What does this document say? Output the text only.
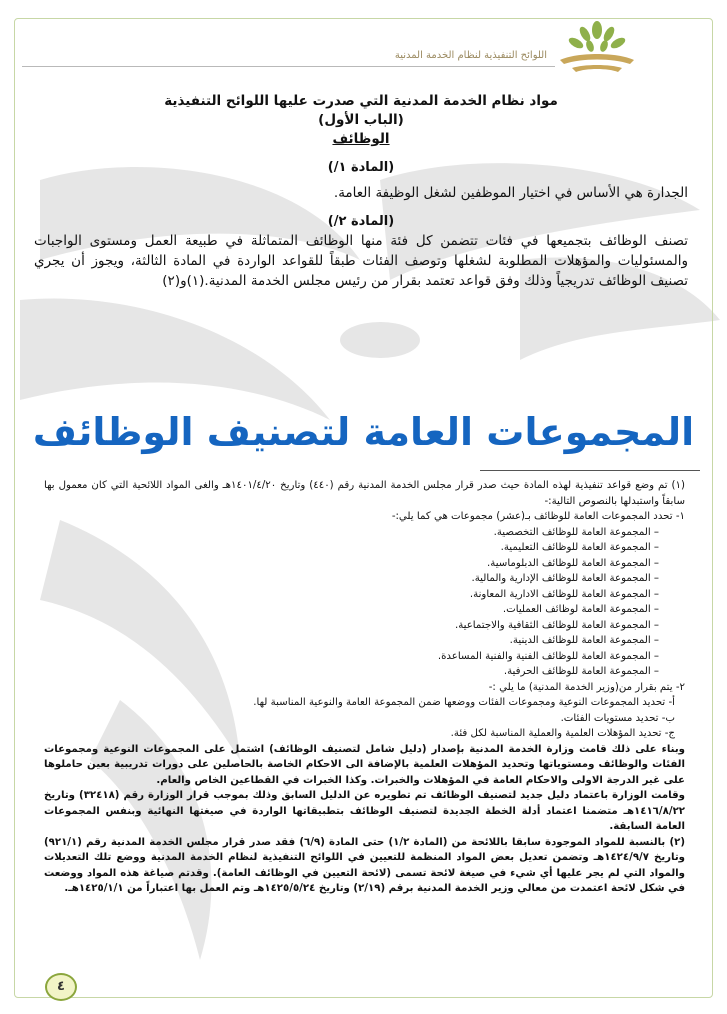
اللوائح التنفيذية لنظام الخدمة المدنية
مواد نظام الخدمة المدنية التي صدرت عليها اللوائح التنفيذية
(الباب الأول)
الوظائف
(المادة ١/)
الجدارة هي الأساس في اختيار الموظفين لشغل الوظيفة العامة.
(المادة ٢/)
تصنف الوظائف بتجميعها في فئات تتضمن كل فئة منها الوظائف المتماثلة في طبيعة العمل ومستوى الواجبات والمسئوليات والمؤهلات المطلوبة لشغلها وتوصف الفئات طبقاً للقواعد الواردة في المادة الثالثة، ويجوز أن يجري تصنيف الوظائف تدريجياً وذلك وفق قواعد تعتمد بقرار من رئيس مجلس الخدمة المدنية.(١)و(٢)
المجموعات العامة لتصنيف الوظائف

(١) تم وضع قواعد تنفيذية لهذه المادة حيث صدر قرار مجلس الخدمة المدنية رقم (٤٤٠) وتاريخ ١٤٠١/٤/٢٠هـ والغى المواد اللائحية التي كان معمول بها سابقاً واستبدلها بالنصوص التالية:-

١- تحدد المجموعات العامة للوظائف بـ(عشر) مجموعات هي كما يلي:-

– المجموعة العامة للوظائف التخصصية.
– المجموعة العامة للوظائف التعليمية.
– المجموعة العامة للوظائف الدبلوماسية.
– المجموعة العامة للوظائف الإدارية والمالية.
– المجموعة العامة للوظائف الادارية المعاونة.
– المجموعة العامة لوظائف العمليات.
– المجموعة العامة للوظائف الثقافية والاجتماعية.
– المجموعة العامة للوظائف الدينية.
– المجموعة العامة للوظائف الفنية والفنية المساعدة.
– المجموعة العامة للوظائف الحرفية.

٢- يتم بقرار من(وزير الخدمة المدنية) ما يلي :-

أ- تحديد المجموعات النوعية ومجموعات الفئات ووضعها ضمن المجموعة العامة والنوعية المناسبة لها.

ب- تحديد مستويات الفئات.

ج- تحديد المؤهلات العلمية والعملية المناسبة لكل فئة.

وبناء على ذلك قامت وزارة الخدمة المدنية بإصدار (دليل شامل لتصنيف الوظائف) اشتمل على المجموعات النوعية ومجموعات الفئات والوظائف ومستوياتها وتحديد المؤهلات العلمية بالإضافة الى الاحكام الخاصة بالحاصلين على دورات تدريبية بعين حاملوها على غير الدرجة الاولى والاحكام العامة في المؤهلات والخبرات. وكذا الخبرات في القطاعين الخاص والعام.

وقامت الوزارة باعتماد دليل جديد لتصنيف الوظائف تم تطويره عن الدليل السابق وذلك بموجب قرار الوزارة رقم (٣٢٤١٨) وتاريخ ١٤١٦/٨/٢٢هـ متضمنا اعتماد أدلة الخطة الجديدة لتصنيف الوظائف بتطبيقاتها الواردة في صيغتها النهائية وبنفس المجموعات العامة السابقة.

(٢) بالنسبة للمواد الموجودة سابقا باللائحة من (المادة ١/٢) حتى المادة (٦/٩) فقد صدر قرار مجلس الخدمة المدنية رقم (٩٢١/١) وتاريخ ١٤٢٤/٩/٧هـ وتضمن تعديل بعض المواد المنظمة للتعيين في اللوائح التنفيذية لنظام الخدمة المدنية ووضع تلك التعديلات والمواد التي لم يجر عليها أي شيء في صيغة لائحة تسمى (لائحة التعيين في الوظائف العامة). وقدتم صياغة هذه المواد ووضعت في شكل لائحة اعتمدت من معالي وزير الخدمة المدنية برقم (٢/١٩) وتاريخ ١٤٢٥/٥/٢٤هـ وتم العمل بها اعتباراً من ١٤٢٥/١/١هـ.

٤
